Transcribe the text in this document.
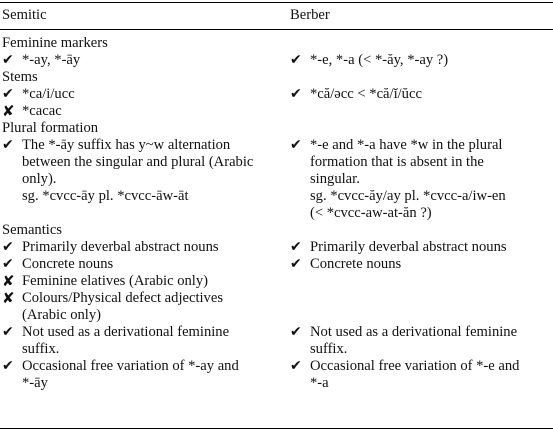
Semitic	Berber
Feminine markers
✔ *-ay, *-āy
Stems
✔ *ca/i/ucc
✘ *cacac
Plural formation
✔ The *-āy suffix has y~w alternation
between the singular and plural (Arabic
only).
sg. *cvcc-āy pl. *cvcc-āw-āt
Semantics
✔ Primarily deverbal abstract nouns
✔ Concrete nouns
✘ Feminine elatives (Arabic only)
✘ Colours/Physical defect adjectives
(Arabic only)
✔ Not used as a derivational feminine
suffix.
✔ Occasional free variation of *-ay and
*-āy
✔ *-e, *-a (< *-ăy, *-ay ?)
✔ *că/əcc < *că/ĭ/ŭcc
✔ *-e and *-a have *w in the plural
formation that is absent in the
singular.
sg. *cvcc-ăy/ay pl. *cvcc-a/iw-en
(< *cvcc-aw-at-ăn ?)
✔ Primarily deverbal abstract nouns
✔ Concrete nouns
✔ Not used as a derivational feminine
suffix.
✔ Occasional free variation of *-e and
*-a
